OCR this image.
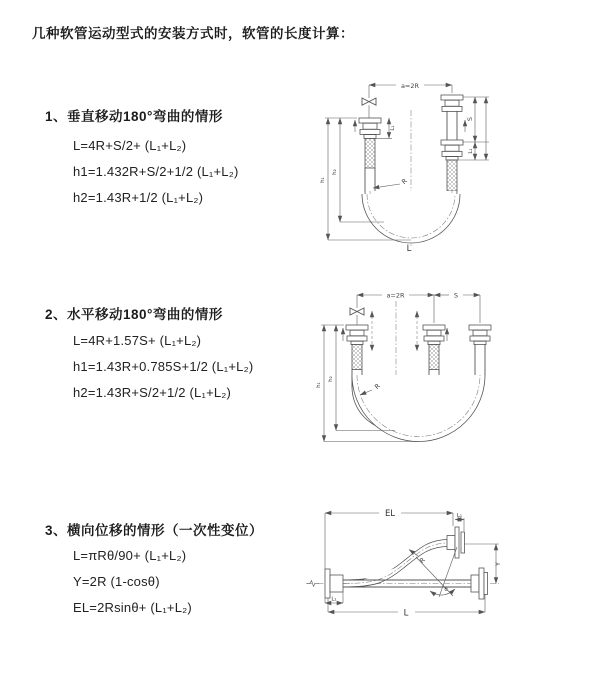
几种软管运动型式的安装方式时，软管的长度计算：
1、垂直移动180°弯曲的情形
L=4R+S/2+ (L₁+L₂)
h1=1.432R+S/2+1/2 (L₁+L₂)
h2=1.43R+1/2 (L₁+L₂)
2、水平移动180°弯曲的情形
L=4R+1.57S+ (L₁+L₂)
h1=1.43R+0.785S+1/2 (L₁+L₂)
h2=1.43R+S/2+1/2 (L₁+L₂)
3、横向位移的情形（一次性变位）
L=πRθ/90+ (L₁+L₂)
Y=2R (1-cosθ)
EL=2Rsinθ+ (L₁+L₂)
a=2R
h₁
h₂
L₁
S
L₁
R
L
a=2R	S
h₁
h₂
R
EL	L₁
Y
R
θ
L₁
L
